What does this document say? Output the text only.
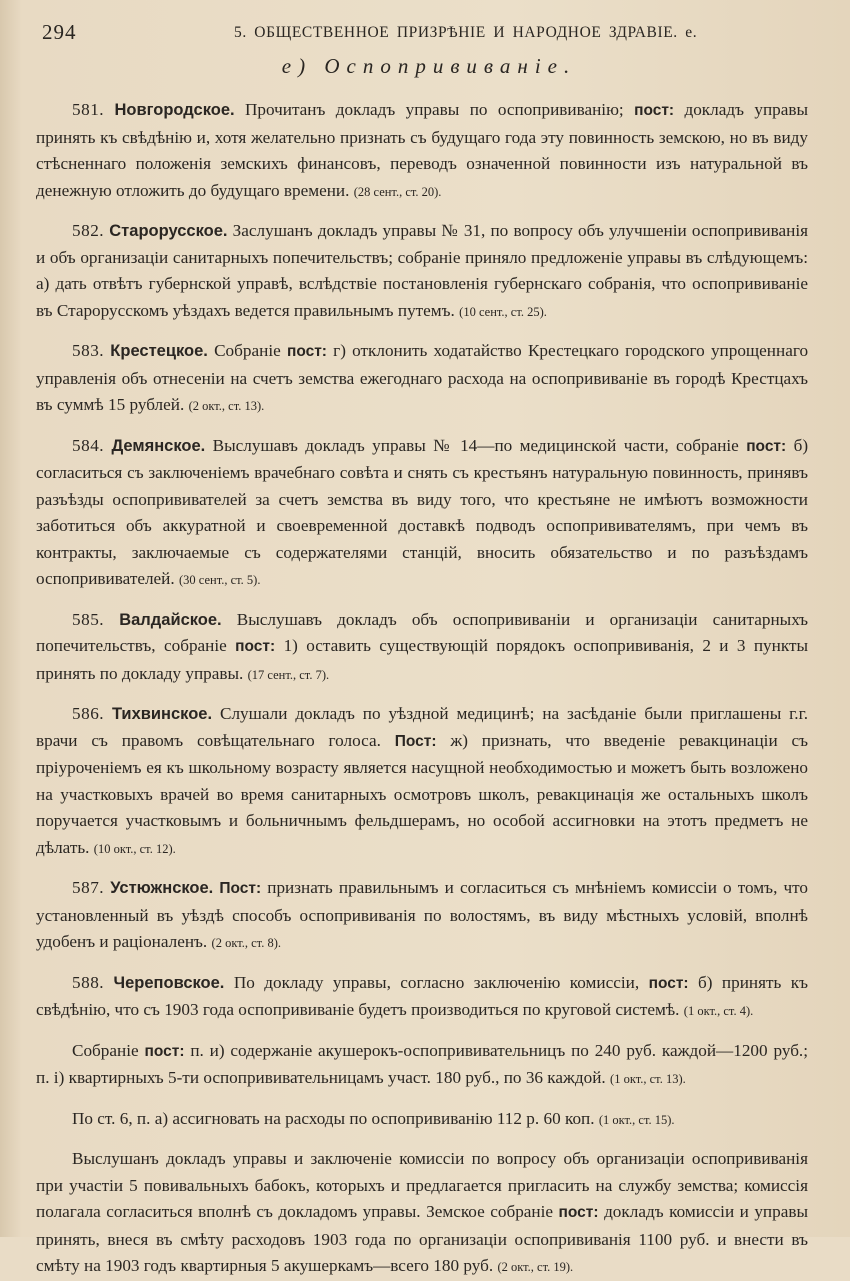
294	5. ОБЩЕСТВЕННОЕ ПРИЗРѢНІЕ И НАРОДНОЕ ЗДРАВІЕ. е.
е) Оспопрививаніе.

581. Новгородское. Прочитанъ докладъ управы по оспопрививанію; пост: докладъ управы принять къ свѣдѣнію и, хотя желательно признать съ будущаго года эту повинность земскою, но въ виду стѣсненнаго положенія земскихъ финансовъ, переводъ означенной повинности изъ натуральной въ денежную отложить до будущаго времени. (28 сент., ст. 20).

582. Старорусское. Заслушанъ докладъ управы № 31, по вопросу объ улучшеніи оспопрививанія и объ организаціи санитарныхъ попечительствъ; собраніе приняло предложеніе управы въ слѣдующемъ: а) дать отвѣтъ губернской управѣ, вслѣдствіе постановленія губернскаго собранія, что оспопрививаніе въ Старорусскомъ уѣздахъ ведется правильнымъ путемъ. (10 сент., ст. 25).

583. Крестецкое. Собраніе пост: г) отклонить ходатайство Крестецкаго городского упрощеннаго управленія объ отнесеніи на счетъ земства ежегоднаго расхода на оспопрививаніе въ городѣ Крестцахъ въ суммѣ 15 рублей. (2 окт., ст. 13).

584. Демянское. Выслушавъ докладъ управы № 14—по медицинской части, собраніе пост: б) согласиться съ заключеніемъ врачебнаго совѣта и снять съ крестьянъ натуральную повинность, принявъ разъѣзды оспопрививателей за счетъ земства въ виду того, что крестьяне не имѣютъ возможности заботиться объ аккуратной и своевременной доставкѣ подводъ оспопрививателямъ, при чемъ въ контракты, заключаемые съ содержателями станцій, вносить обязательство и по разъѣздамъ оспопрививателей. (30 сент., ст. 5).

585. Валдайское. Выслушавъ докладъ объ оспопрививаніи и организаціи санитарныхъ попечительствъ, собраніе пост: 1) оставить существующій порядокъ оспопрививанія, 2 и 3 пункты принять по докладу управы. (17 сент., ст. 7).

586. Тихвинское. Слушали докладъ по уѣздной медицинѣ; на засѣданіе были приглашены г.г. врачи съ правомъ совѣщательнаго голоса. Пост: ж) признать, что введеніе ревакцинаціи съ пріуроченіемъ ея къ школьному возрасту является насущной необходимостью и можетъ быть возложено на участковыхъ врачей во время санитарныхъ осмотровъ школъ, ревакцинація же остальныхъ школъ поручается участковымъ и больничнымъ фельдшерамъ, но особой ассигновки на этотъ предметъ не дѣлать. (10 окт., ст. 12).

587. Устюжнское. Пост: признать правильнымъ и согласиться съ мнѣніемъ комиссіи о томъ, что установленный въ уѣздѣ способъ оспопрививанія по волостямъ, въ виду мѣстныхъ условій, вполнѣ удобенъ и раціоналенъ. (2 окт., ст. 8).

588. Череповское. По докладу управы, согласно заключенію комиссіи, пост: б) принять къ свѣдѣнію, что съ 1903 года оспопрививаніе будетъ производиться по круговой системѣ. (1 окт., ст. 4).

Собраніе пост: п. и) содержаніе акушерокъ-оспопрививательницъ по 240 руб. каждой—1200 руб.; п. і) квартирныхъ 5-ти оспопрививательницамъ участ. 180 руб., по 36 каждой. (1 окт., ст. 13).

По ст. 6, п. а) ассигновать на расходы по оспопрививанію 112 р. 60 коп. (1 окт., ст. 15).

Выслушанъ докладъ управы и заключеніе комиссіи по вопросу объ организаціи оспопрививанія при участіи 5 повивальныхъ бабокъ, которыхъ и предлагается пригласить на службу земства; комиссія полагала согласиться вполнѣ съ докладомъ управы. Земское собраніе пост: докладъ комиссіи и управы принять, внеся въ смѣту расходовъ 1903 года по организаціи оспопрививанія 1100 руб. и внести въ смѣту на 1903 годъ квартирныя 5 акушеркамъ—всего 180 руб. (2 окт., ст. 19).
